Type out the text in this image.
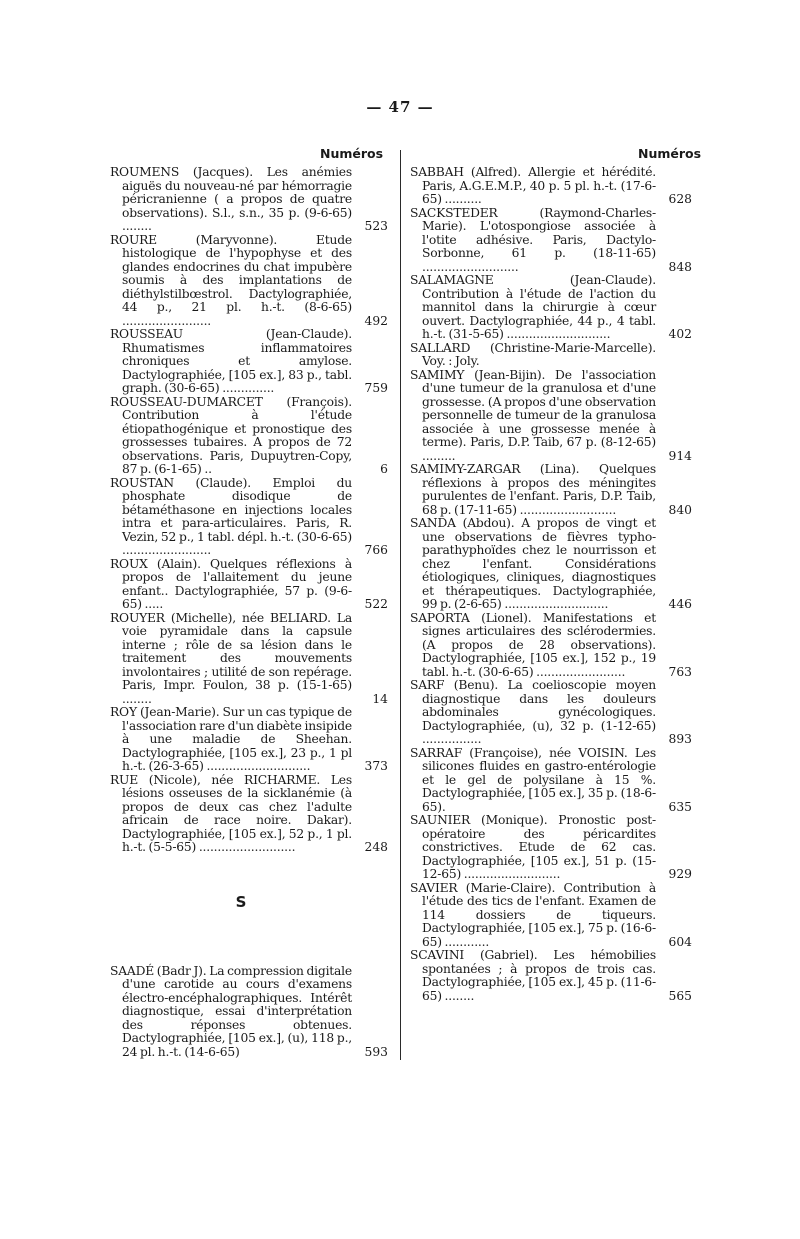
— 47 —
Numéros	Numéros
ROUMENS (Jacques). Les anémies aiguës du nouveau-né par hémorragie péricranienne ( a propos de quatre observations). S.l., s.n., 35 p. (9-6-65) ........	523
ROURE (Maryvonne). Etude histologique de l'hypophyse et des glandes endocrines du chat impubère soumis à des implantations de diéthylstilbœstrol. Dactylographiée, 44 p., 21 pl. h.-t. (8-6-65) ........................	492
ROUSSEAU (Jean-Claude). Rhumatismes inflammatoires chroniques et amylose. Dactylographiée, [105 ex.], 83 p., tabl. graph. (30-6-65) ..............	759
ROUSSEAU-DUMARCET (François). Contribution à l'étude étiopathogénique et pronostique des grossesses tubaires. A propos de 72 observations. Paris, Dupuytren-Copy, 87 p. (6-1-65) ..	6
ROUSTAN (Claude). Emploi du phosphate disodique de bétaméthasone en injections locales intra et para-articulaires. Paris, R. Vezin, 52 p., 1 tabl. dépl. h.-t. (30-6-65) ........................	766
ROUX (Alain). Quelques réflexions à propos de l'allaitement du jeune enfant.. Dactylographiée, 57 p. (9-6-65) .....	522
ROUYER (Michelle), née BELIARD. La voie pyramidale dans la capsule interne ; rôle de sa lésion dans le traitement des mouvements involontaires ; utilité de son repérage. Paris, Impr. Foulon, 38 p. (15-1-65) ........	14
ROY (Jean-Marie). Sur un cas typique de l'association rare d'un diabète insipide à une maladie de Sheehan. Dactylographiée, [105 ex.], 23 p., 1 pl h.-t. (26-3-65) ............................	373
RUE (Nicole), née RICHARME. Les lésions osseuses de la sicklanémie (à propos de deux cas chez l'adulte africain de race noire. Dakar). Dactylographiée, [105 ex.], 52 p., 1 pl. h.-t. (5-5-65) ..........................	248
S
SAADÉ (Badr J). La compression digitale d'une carotide au cours d'examens électro-encéphalographiques. Intérêt diagnostique, essai d'interprétation des réponses obtenues. Dactylographiée, [105 ex.], (u), 118 p., 24 pl. h.-t. (14-6-65)	593
SABBAH (Alfred). Allergie et hérédité. Paris, A.G.E.M.P., 40 p. 5 pl. h.-t. (17-6-65) ..........	628
SACKSTEDER (Raymond-Charles-Marie). L'otospongiose associée à l'otite adhésive. Paris, Dactylo-Sorbonne, 61 p. (18-11-65) ..........................	848
SALAMAGNE (Jean-Claude). Contribution à l'étude de l'action du mannitol dans la chirurgie à cœur ouvert. Dactylographiée, 44 p., 4 tabl. h.-t. (31-5-65) ............................	402
SALLARD (Christine-Marie-Marcelle). Voy. : Joly.
SAMIMY (Jean-Bijin). De l'association d'une tumeur de la granulosa et d'une grossesse. (A propos d'une observation personnelle de tumeur de la granulosa associée à une grossesse menée à terme). Paris, D.P. Taib, 67 p. (8-12-65) .........	914
SAMIMY-ZARGAR (Lina). Quelques réflexions à propos des méningites purulentes de l'enfant. Paris, D.P. Taib, 68 p. (17-11-65) ..........................	840
SANDA (Abdou). A propos de vingt et une observations de fièvres typho-parathyphoïdes chez le nourrisson et chez l'enfant. Considérations étiologiques, cliniques, diagnostiques et thérapeutiques. Dactylographiée, 99 p. (2-6-65) ............................	446
SAPORTA (Lionel). Manifestations et signes articulaires des sclérodermies. (A propos de 28 observations). Dactylographiée, [105 ex.], 152 p., 19 tabl. h.-t. (30-6-65) ........................	763
SARF (Benu). La coelioscopie moyen diagnostique dans les douleurs abdominales gynécologiques. Dactylographiée, (u), 32 p. (1-12-65) ................	893
SARRAF (Françoise), née VOISIN. Les silicones fluides en gastro-entérologie et le gel de polysilane à 15 %. Dactylographiée, [105 ex.], 35 p. (18-6-65).	635
SAUNIER (Monique). Pronostic post-opératoire des péricardites constrictives. Etude de 62 cas. Dactylographiée, [105 ex.], 51 p. (15-12-65) ..........................	929
SAVIER (Marie-Claire). Contribution à l'étude des tics de l'enfant. Examen de 114 dossiers de tiqueurs. Dactylographiée, [105 ex.], 75 p. (16-6-65) ............	604
SCAVINI (Gabriel). Les hémobilies spontanées ; à propos de trois cas. Dactylographiée, [105 ex.], 45 p. (11-6-65) ........	565
